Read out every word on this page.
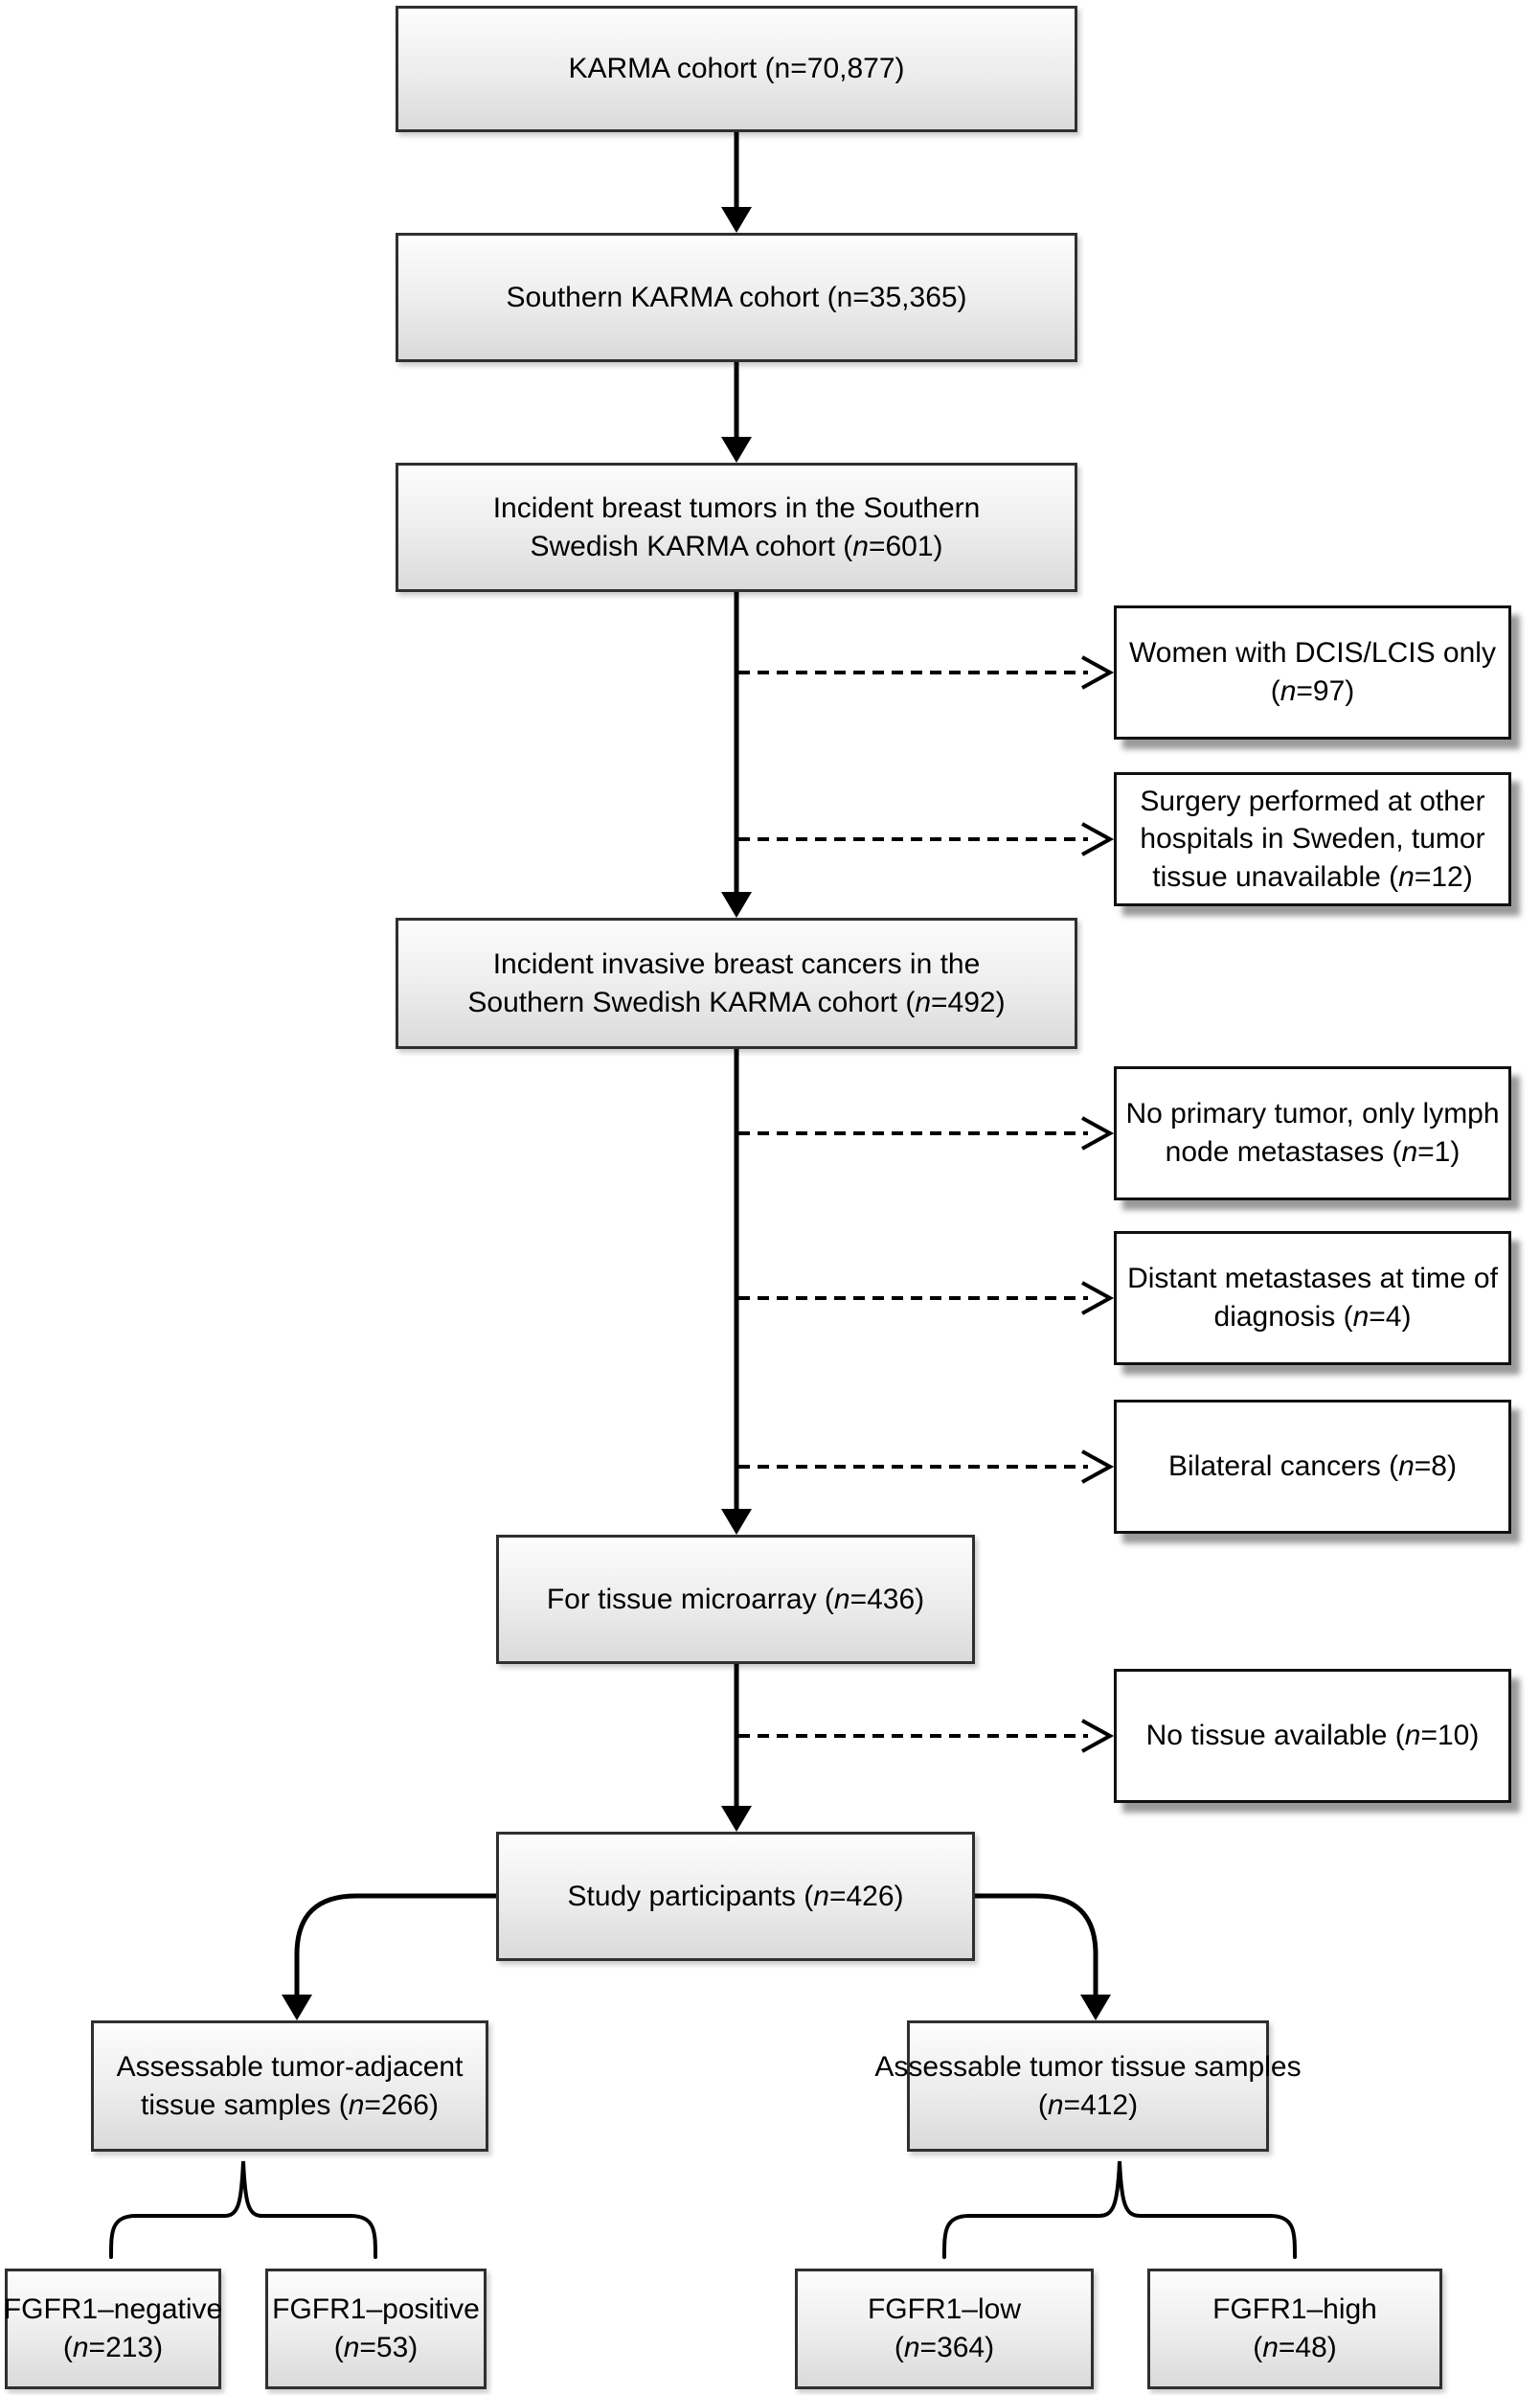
KARMA cohort (n=70,877)
Southern KARMA cohort (n=35,365)
Incident breast tumors in the Southern
Swedish KARMA cohort (n=601)
Incident invasive breast cancers in the
Southern Swedish KARMA cohort (n=492)
For tissue microarray (n=436)
Study participants (n=426)
Women with DCIS/LCIS only
(n=97)
Surgery performed at other
hospitals in Sweden, tumor
tissue unavailable (n=12)
No primary tumor, only lymph
node metastases (n=1)
Distant metastases at time of
diagnosis (n=4)
Bilateral cancers (n=8)
No tissue available (n=10)
Assessable tumor-adjacent
tissue samples (n=266)
Assessable tumor tissue samples
(n=412)
FGFR1–negative
(n=213)
FGFR1–positive
(n=53)
FGFR1–low
(n=364)
FGFR1–high
(n=48)
